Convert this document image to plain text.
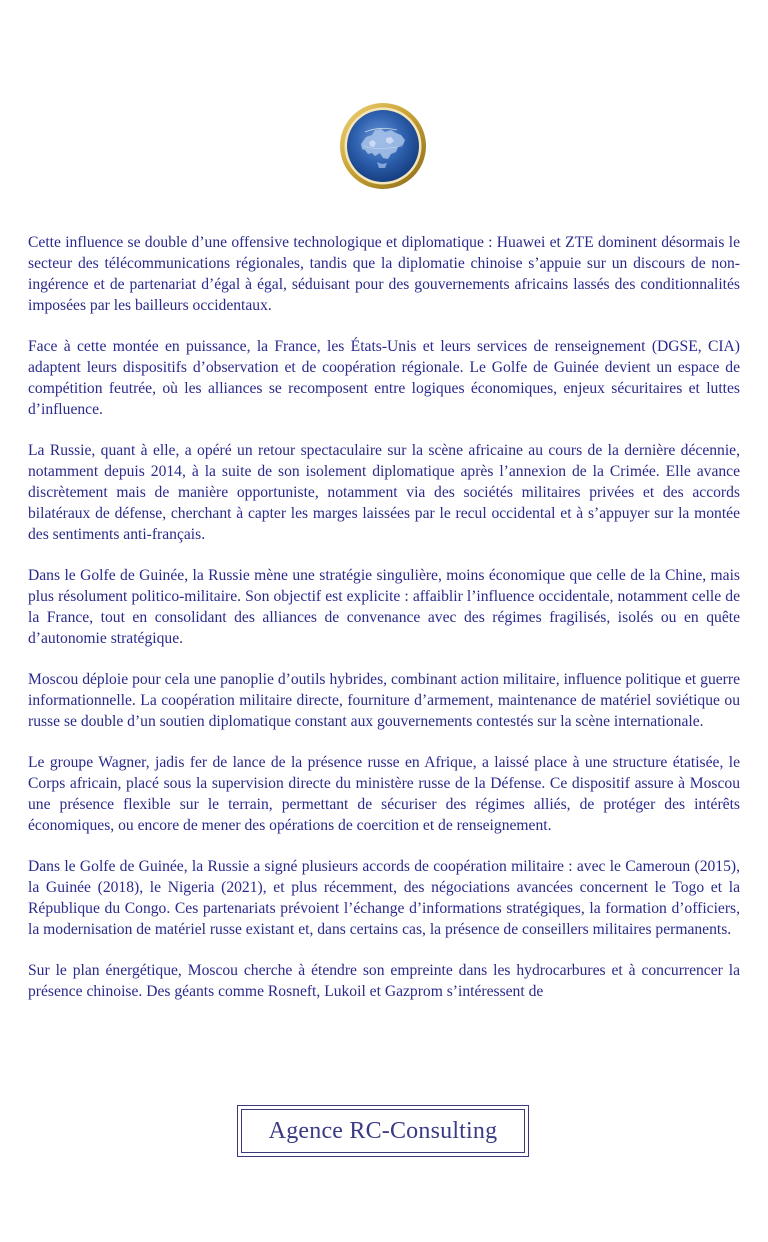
Cette influence se double d’une offensive technologique et diplomatique : Huawei et ZTE dominent désormais le secteur des télécommunications régionales, tandis que la diplomatie chinoise s’appuie sur un discours de non-ingérence et de partenariat d’égal à égal, séduisant pour des gouvernements africains lassés des conditionnalités imposées par les bailleurs occidentaux.

Face à cette montée en puissance, la France, les États-Unis et leurs services de renseignement (DGSE, CIA) adaptent leurs dispositifs d’observation et de coopération régionale. Le Golfe de Guinée devient un espace de compétition feutrée, où les alliances se recomposent entre logiques économiques, enjeux sécuritaires et luttes d’influence.

La Russie, quant à elle, a opéré un retour spectaculaire sur la scène africaine au cours de la dernière décennie, notamment depuis 2014, à la suite de son isolement diplomatique après l’annexion de la Crimée. Elle avance discrètement mais de manière opportuniste, notamment via des sociétés militaires privées et des accords bilatéraux de défense, cherchant à capter les marges laissées par le recul occidental et à s’appuyer sur la montée des sentiments anti-français.

Dans le Golfe de Guinée, la Russie mène une stratégie singulière, moins économique que celle de la Chine, mais plus résolument politico-militaire. Son objectif est explicite : affaiblir l’influence occidentale, notamment celle de la France, tout en consolidant des alliances de convenance avec des régimes fragilisés, isolés ou en quête d’autonomie stratégique.

Moscou déploie pour cela une panoplie d’outils hybrides, combinant action militaire, influence politique et guerre informationnelle. La coopération militaire directe, fourniture d’armement, maintenance de matériel soviétique ou russe se double d’un soutien diplomatique constant aux gouvernements contestés sur la scène internationale.

Le groupe Wagner, jadis fer de lance de la présence russe en Afrique, a laissé place à une structure étatisée, le Corps africain, placé sous la supervision directe du ministère russe de la Défense. Ce dispositif assure à Moscou une présence flexible sur le terrain, permettant de sécuriser des régimes alliés, de protéger des intérêts économiques, ou encore de mener des opérations de coercition et de renseignement.

Dans le Golfe de Guinée, la Russie a signé plusieurs accords de coopération militaire : avec le Cameroun (2015), la Guinée (2018), le Nigeria (2021), et plus récemment, des négociations avancées concernent le Togo et la République du Congo. Ces partenariats prévoient l’échange d’informations stratégiques, la formation d’officiers, la modernisation de matériel russe existant et, dans certains cas, la présence de conseillers militaires permanents.

Sur le plan énergétique, Moscou cherche à étendre son empreinte dans les hydrocarbures et à concurrencer la présence chinoise. Des géants comme Rosneft, Lukoil et Gazprom s’intéressent de

Agence RC-Consulting
